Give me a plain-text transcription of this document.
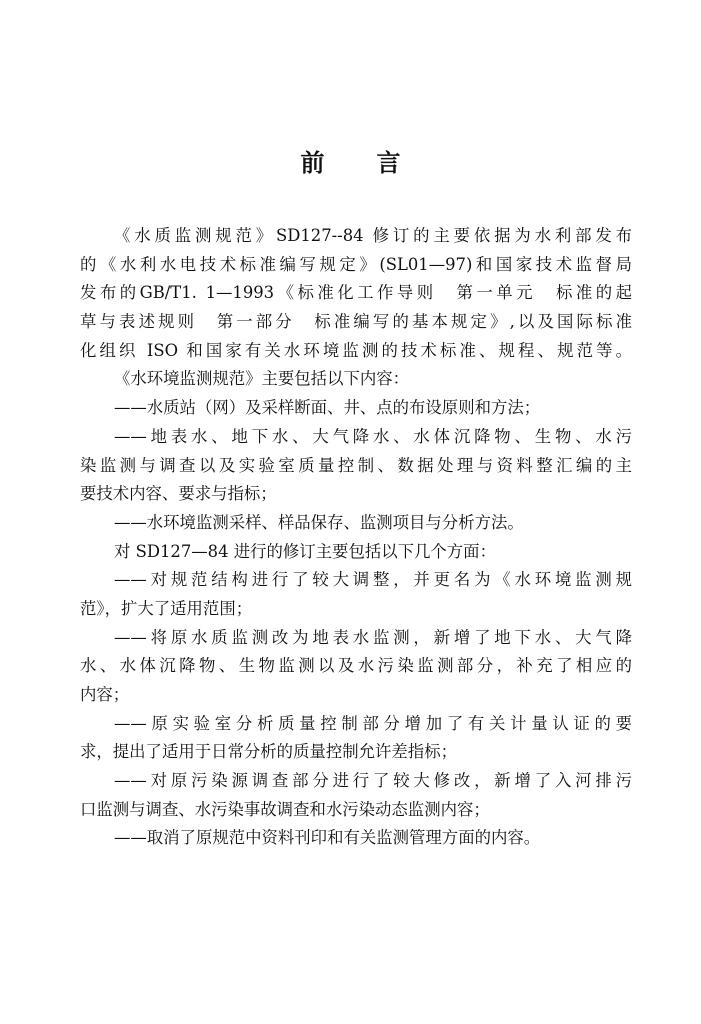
前 言
《水质监测规范》SD127--84 修订的主要依据为水利部发布
的《水利水电技术标准编写规定》(SL01—97)和国家技术监督局
发布的GB/T1. 1—1993《标准化工作导则　第一单元　标准的起
草与表述规则　第一部分　标准编写的基本规定》,以及国际标准
化组织 ISO 和国家有关水环境监测的技术标准、规程、规范等。
《水环境监测规范》主要包括以下内容：
——水质站（网）及采样断面、井、点的布设原则和方法；
——地表水、地下水、大气降水、水体沉降物、生物、水污
染监测与调查以及实验室质量控制、数据处理与资料整汇编的主
要技术内容、要求与指标；
——水环境监测采样、样品保存、监测项目与分析方法。
对 SD127—84 进行的修订主要包括以下几个方面：
——对规范结构进行了较大调整，并更名为《水环境监测规
范》，扩大了适用范围；
——将原水质监测改为地表水监测，新增了地下水、大气降
水、水体沉降物、生物监测以及水污染监测部分，补充了相应的
内容；
——原实验室分析质量控制部分增加了有关计量认证的要
求，提出了适用于日常分析的质量控制允许差指标；
——对原污染源调查部分进行了较大修改，新增了入河排污
口监测与调查、水污染事故调查和水污染动态监测内容；
——取消了原规范中资料刊印和有关监测管理方面的内容。
